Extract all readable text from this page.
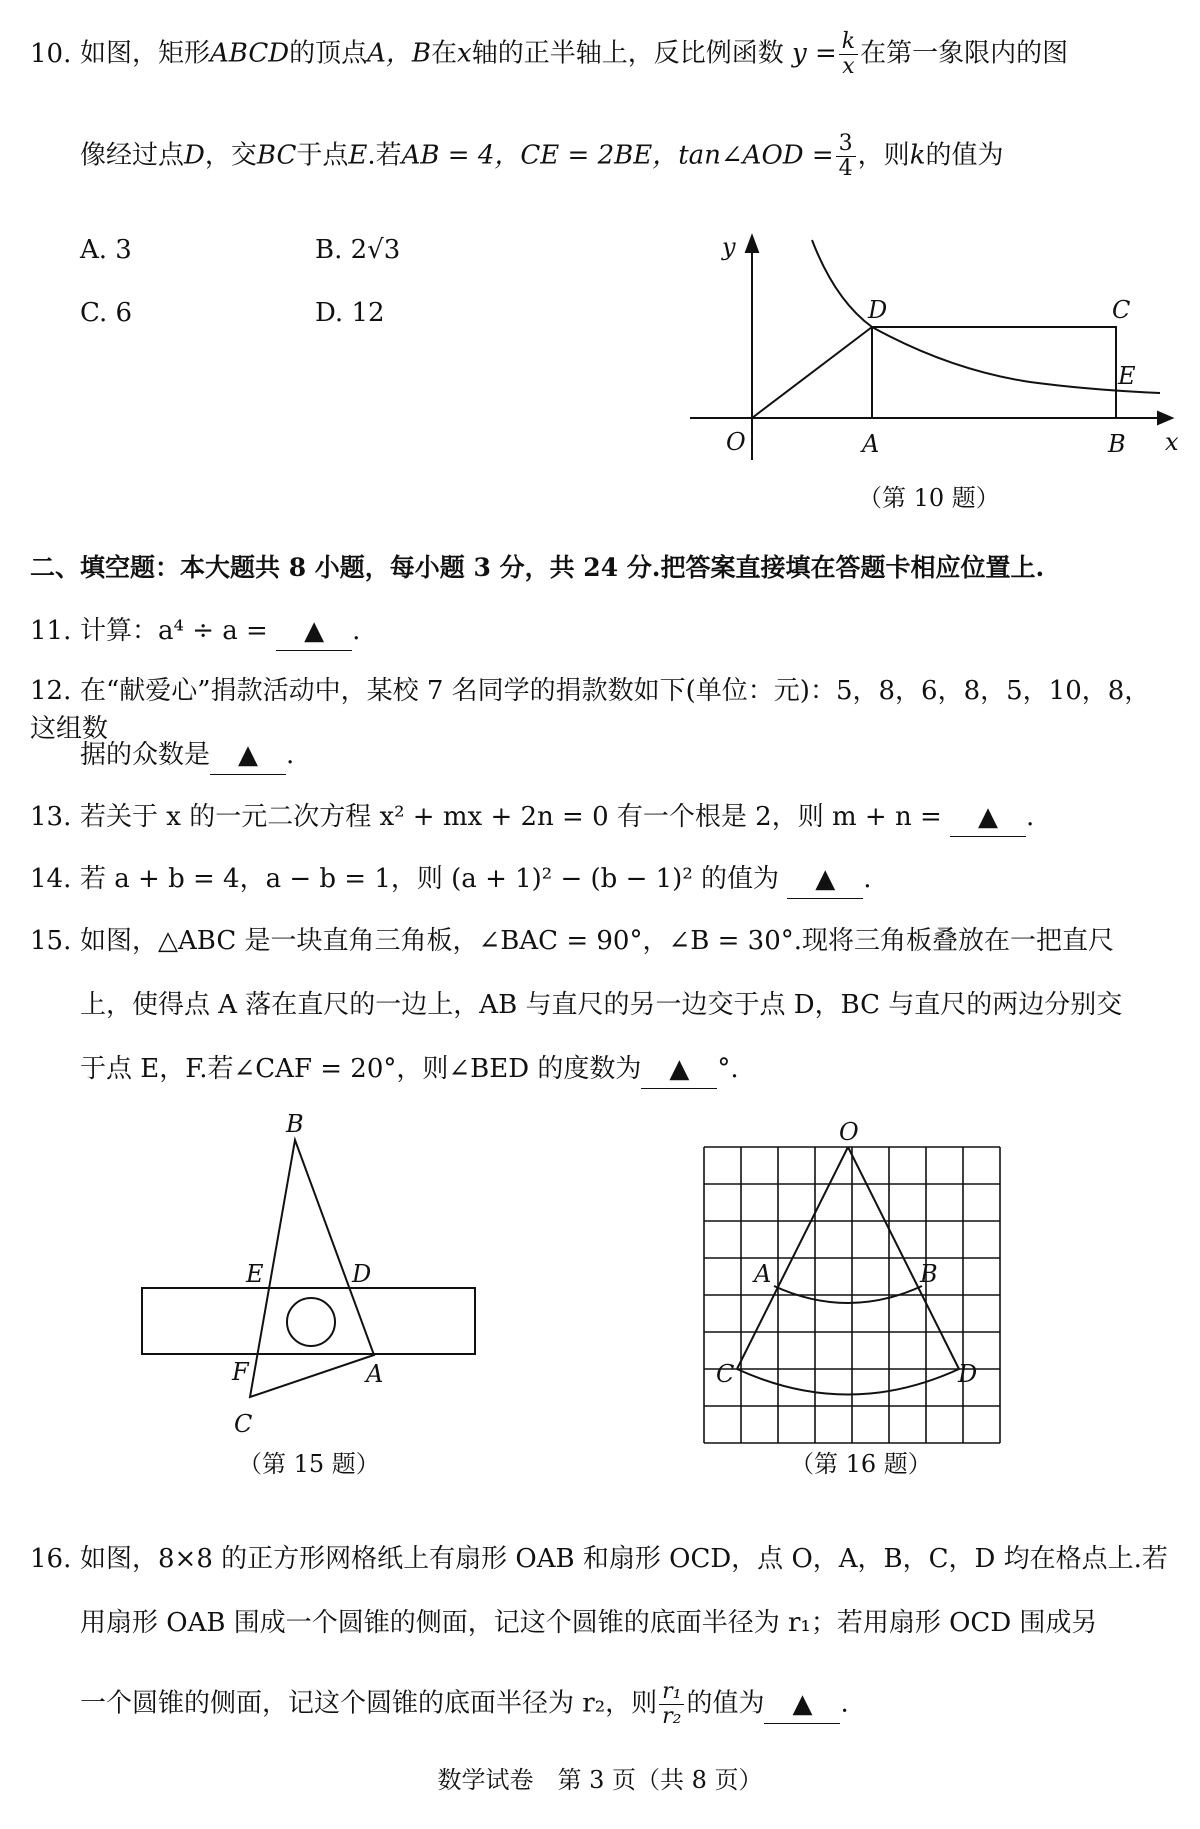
10. 如图，矩形ABCD的顶点A，B在x轴的正半轴上，反比例函数 $y = \frac{k}{x}$ 在第一象限内的图
像经过点D，交BC于点E.若AB = 4，CE = 2BE，tan∠AOD = $\frac{3}{4}$ ，则k的值为
A. 3	B. 2√3
C. 6	D. 12
y
x
O	A	B
C
D
E
（第 10 题）
二、填空题：本大题共 8 小题，每小题 3 分，共 24 分.把答案直接填在答题卡相应位置上.
11. 计算：a⁴ ÷ a = ▲ .
12. 在“献爱心”捐款活动中，某校 7 名同学的捐款数如下(单位：元)：5，8，6，8，5，10，8，这组数
据的众数是 ▲ .
13. 若关于 x 的一元二次方程 x² + mx + 2n = 0 有一个根是 2，则 m + n = ▲ .
14. 若 a + b = 4，a − b = 1，则 (a + 1)² − (b − 1)² 的值为 ▲ .
15. 如图，△ABC 是一块直角三角板，∠BAC = 90°，∠B = 30°.现将三角板叠放在一把直尺
上，使得点 A 落在直尺的一边上，AB 与直尺的另一边交于点 D，BC 与直尺的两边分别交
于点 E，F.若∠CAF = 20°，则∠BED 的度数为 ▲ °.
B
E	D
F	A
C
（第 15 题）
O
A	B
C	D
（第 16 题）
16. 如图，8×8 的正方形网格纸上有扇形 OAB 和扇形 OCD，点 O，A，B，C，D 均在格点上.若
用扇形 OAB 围成一个圆锥的侧面，记这个圆锥的底面半径为 r₁；若用扇形 OCD 围成另
一个圆锥的侧面，记这个圆锥的底面半径为 r₂，则 $\frac{\text{r₁}}{\text{r₂}}$ 的值为 ▲ .
数学试卷　第 3 页（共 8 页）
